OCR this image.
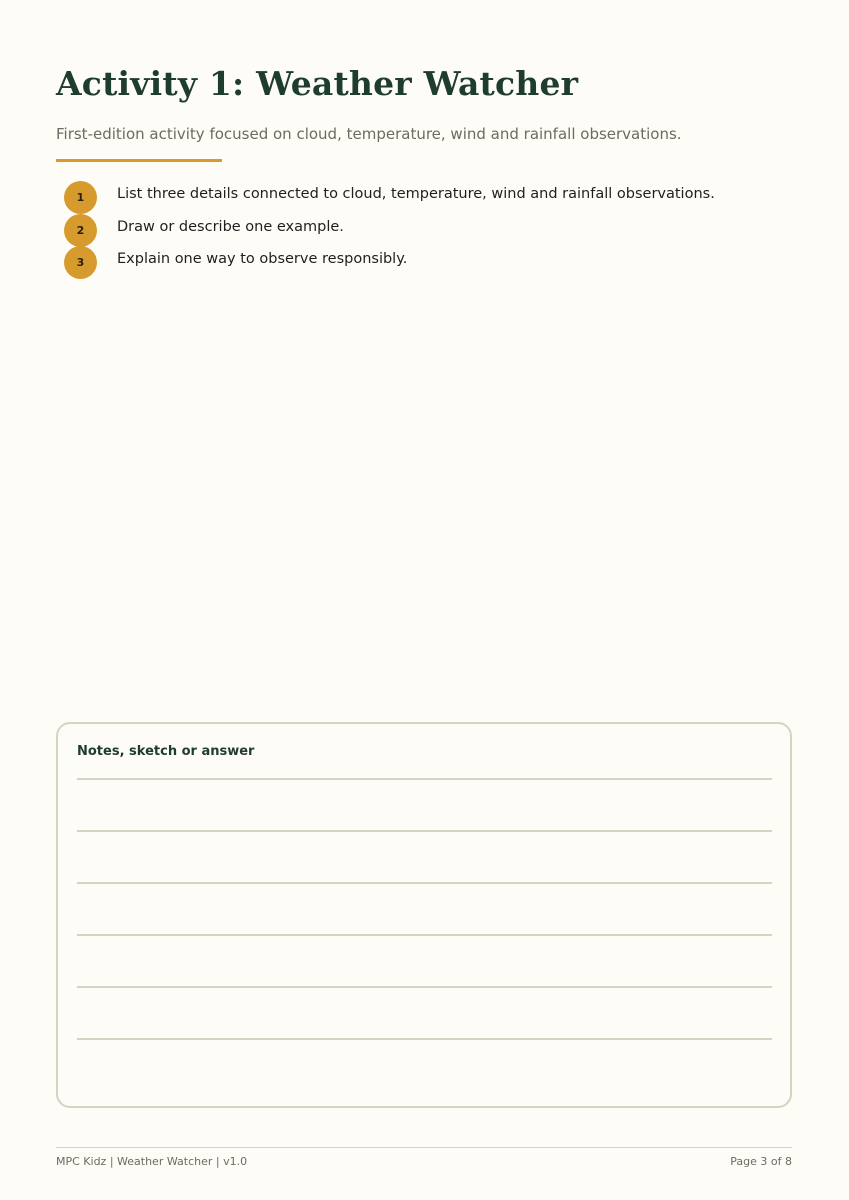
Activity 1: Weather Watcher

First-edition activity focused on cloud, temperature, wind and rainfall observations.

1	List three details connected to cloud, temperature, wind and rainfall observations.
2	Draw or describe one example.
3	Explain one way to observe responsibly.
Notes, sketch or answer
MPC Kidz | Weather Watcher | v1.0	Page 3 of 8
